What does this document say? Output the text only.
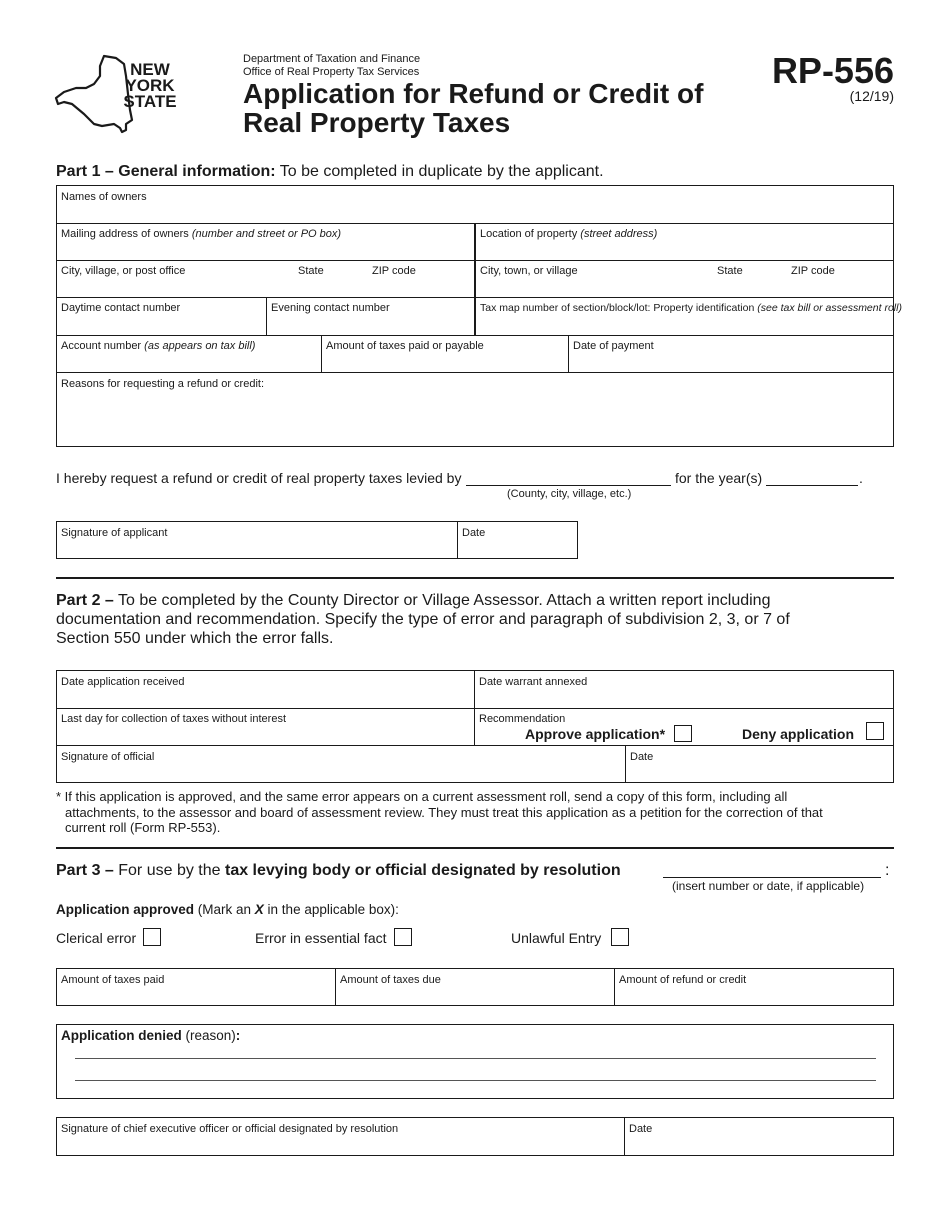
NEW
YORK
STATE
Department of Taxation and Finance
Office of Real Property Tax Services
Application for Refund or Credit of
Real Property Taxes
RP-556
(12/19)
Part 1 – General information: To be completed in duplicate by the applicant.
Names of owners
Mailing address of owners (number and street or PO box)	Location of property (street address)
City, village, or post office	State	ZIP code	City, town, or village	State	ZIP code
Daytime contact number	Evening contact number	Tax map number of section/block/lot: Property identification (see tax bill or assessment roll)
Account number (as appears on tax bill)	Amount of taxes paid or payable	Date of payment
Reasons for requesting a refund or credit:
I hereby request a refund or credit of real property taxes levied by
(County, city, village, etc.)
for the year(s)	.
Signature of applicant	Date
Part 2 – To be completed by the County Director or Village Assessor. Attach a written report including
documentation and recommendation. Specify the type of error and paragraph of subdivision 2, 3, or 7 of
Section 550 under which the error falls.
Date application received	Date warrant annexed
Last day for collection of taxes without interest	Recommendation
Approve application*	Deny application
Signature of official	Date
* If this application is approved, and the same error appears on a current assessment roll, send a copy of this form, including all
attachments, to the assessor and board of assessment review. They must treat this application as a petition for the correction of that
current roll (Form RP-553).
Part 3 – For use by the tax levying body or official designated by resolution	:
(insert number or date, if applicable)
Application approved (Mark an X in the applicable box):
Clerical error	Error in essential fact	Unlawful Entry
Amount of taxes paid	Amount of taxes due	Amount of refund or credit
Application denied (reason):
Signature of chief executive officer or official designated by resolution	Date
